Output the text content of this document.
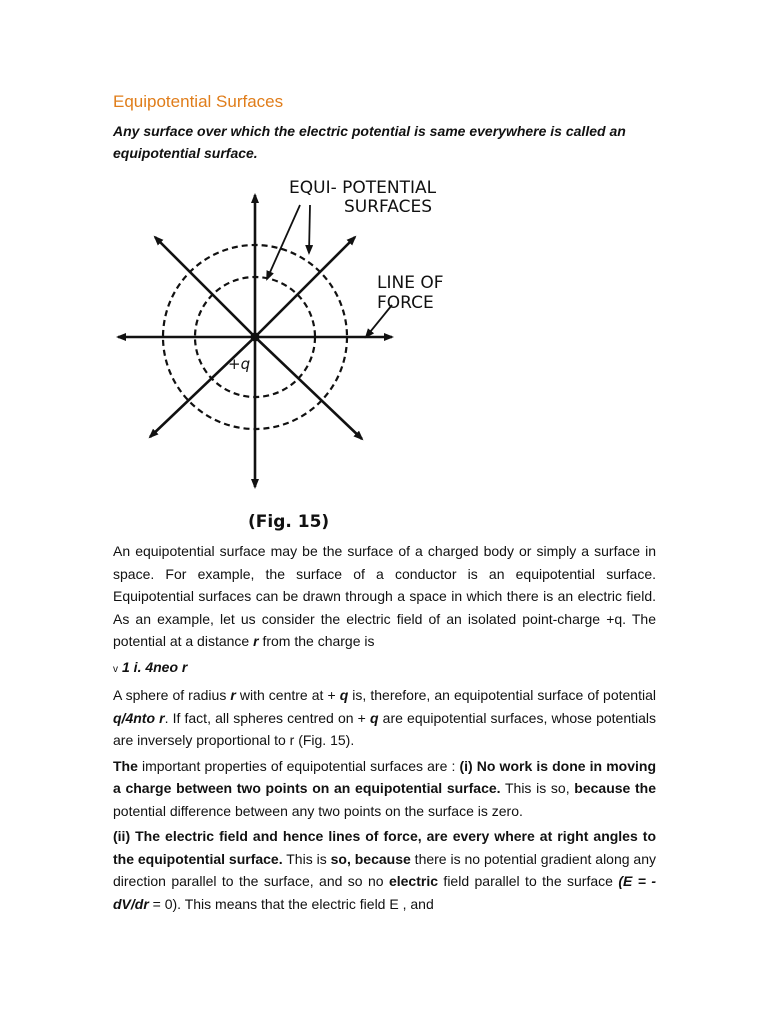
Equipotential Surfaces
Any surface over which the electric potential is same everywhere is called an equipotential surface.
+q
EQUI- POTENTIAL
SURFACES
LINE OF
FORCE
(Fig. 15)

An equipotential surface may be the surface of a charged body or simply a surface in space. For example, the surface of a conductor is an equipotential surface. Equipotential surfaces can be drawn through a space in which there is an electric field. As an example, let us consider the electric field of an isolated point-charge +q. The potential at a distance r from the charge is

v 1 i. 4neo r

A sphere of radius r with centre at + q is, therefore, an equipotential surface of potential q/4nto r. If fact, all spheres centred on + q are equipotential surfaces, whose potentials are inversely proportional to r (Fig. 15).

The important properties of equipotential surfaces are : (i) No work is done in moving a charge between two points on an equipotential surface. This is so, because the potential difference between any two points on the surface is zero.

(ii) The electric field and hence lines of force, are every where at right angles to the equipotential surface. This is so, because there is no potential gradient along any direction parallel to the surface, and so no electric field parallel to the surface (E = - dV/dr = 0). This means that the electric field E , and
